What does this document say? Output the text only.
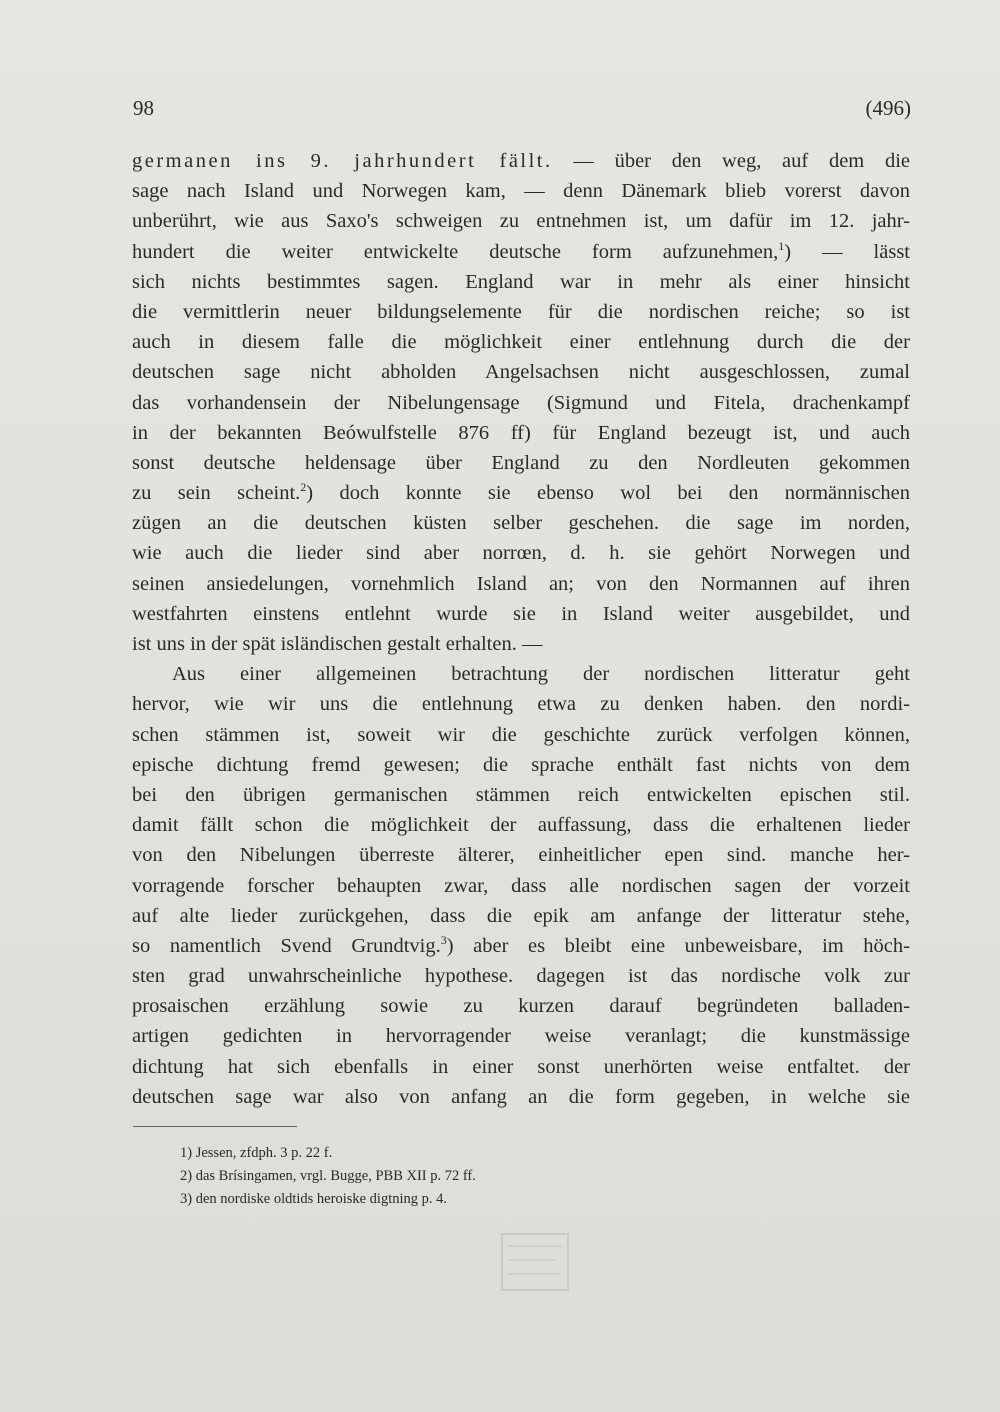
98	(496)
germanen ins 9. jahrhundert fällt. — über den weg, auf dem die
sage nach Island und Norwegen kam, — denn Dänemark blieb vorerst davon
unberührt, wie aus Saxo's schweigen zu entnehmen ist, um dafür im 12. jahr-
hundert die weiter entwickelte deutsche form aufzunehmen,$^1$) — lässt
sich nichts bestimmtes sagen. England war in mehr als einer hinsicht
die vermittlerin neuer bildungselemente für die nordischen reiche; so ist
auch in diesem falle die möglichkeit einer entlehnung durch die der
deutschen sage nicht abholden Angelsachsen nicht ausgeschlossen, zumal
das vorhandensein der Nibelungensage (Sigmund und Fitela, drachenkampf
in der bekannten Beówulfstelle 876 ff) für England bezeugt ist, und auch
sonst deutsche heldensage über England zu den Nordleuten gekommen
zu sein scheint.$^2$) doch konnte sie ebenso wol bei den normännischen
zügen an die deutschen küsten selber geschehen. die sage im norden,
wie auch die lieder sind aber norrœn, d. h. sie gehört Norwegen und
seinen ansiedelungen, vornehmlich Island an; von den Normannen auf ihren
westfahrten einstens entlehnt wurde sie in Island weiter ausgebildet, und
ist uns in der spät isländischen gestalt erhalten. —
Aus einer allgemeinen betrachtung der nordischen litteratur geht
hervor, wie wir uns die entlehnung etwa zu denken haben. den nordi-
schen stämmen ist, soweit wir die geschichte zurück verfolgen können,
epische dichtung fremd gewesen; die sprache enthält fast nichts von dem
bei den übrigen germanischen stämmen reich entwickelten epischen stil.
damit fällt schon die möglichkeit der auffassung, dass die erhaltenen lieder
von den Nibelungen überreste älterer, einheitlicher epen sind. manche her-
vorragende forscher behaupten zwar, dass alle nordischen sagen der vorzeit
auf alte lieder zurückgehen, dass die epik am anfange der litteratur stehe,
so namentlich Svend Grundtvig.$^3$) aber es bleibt eine unbeweisbare, im höch-
sten grad unwahrscheinliche hypothese. dagegen ist das nordische volk zur
prosaischen erzählung sowie zu kurzen darauf begründeten balladen-
artigen gedichten in hervorragender weise veranlagt; die kunstmässige
dichtung hat sich ebenfalls in einer sonst unerhörten weise entfaltet. der
deutschen sage war also von anfang an die form gegeben, in welche sie
1) Jessen, zfdph. 3 p. 22 f.
2) das Brísingamen, vrgl. Bugge, PBB XII p. 72 ff.
3) den nordiske oldtids heroiske digtning p. 4.
